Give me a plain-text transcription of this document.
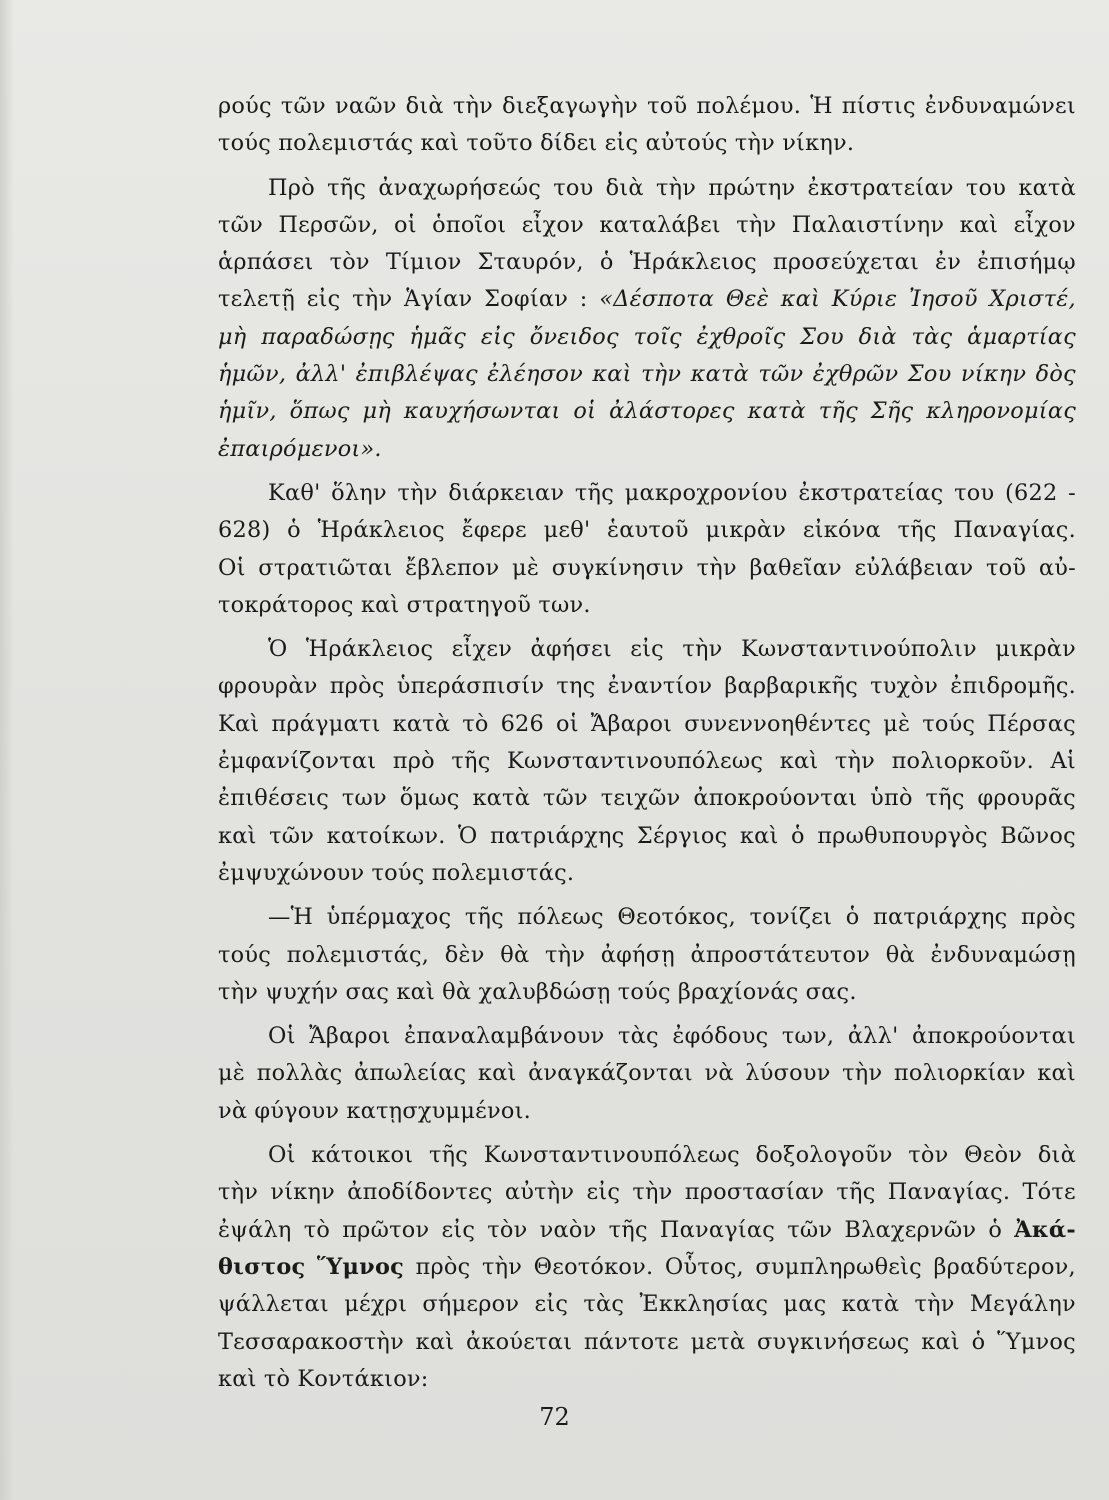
ρούς τῶν ναῶν διὰ τὴν διεξαγωγὴν τοῦ πολέμου. Ἡ πίστις ἐνδυναμώνει
τούς πολεμιστάς καὶ τοῦτο δίδει εἰς αὐτούς τὴν νίκην.
Πρὸ τῆς ἀναχωρήσεώς του διὰ τὴν πρώτην ἐκστρατείαν του κατὰ
τῶν Περσῶν, οἱ ὁποῖοι εἶχον καταλάβει τὴν Παλαιστίνην καὶ εἶχον
ἁρπάσει τὸν Τίμιον Σταυρόν, ὁ Ἡράκλειος προσεύχεται ἐν ἐπισήμῳ
τελετῇ εἰς τὴν Ἁγίαν Σοφίαν : «Δέσποτα Θεὲ καὶ Κύριε Ἰησοῦ Χριστέ,
μὴ παραδώσῃς ἡμᾶς εἰς ὄνειδος τοῖς ἐχθροῖς Σου διὰ τὰς ἁμαρτίας
ἡμῶν, ἀλλ' ἐπιβλέψας ἐλέησον καὶ τὴν κατὰ τῶν ἐχθρῶν Σου νίκην δὸς
ἡμῖν, ὅπως μὴ καυχήσωνται οἱ ἀλάστορες κατὰ τῆς Σῆς κληρονομίας
ἐπαιρόμενοι».
Καθ' ὅλην τὴν διάρκειαν τῆς μακροχρονίου ἐκστρατείας του (622 -
628) ὁ Ἡράκλειος ἔφερε μεθ' ἑαυτοῦ μικρὰν εἰκόνα τῆς Παναγίας.
Οἱ στρατιῶται ἔβλεπον μὲ συγκίνησιν τὴν βαθεῖαν εὐλάβειαν τοῦ αὐ-
τοκράτορος καὶ στρατηγοῦ των.
Ὁ Ἡράκλειος εἶχεν ἀφήσει εἰς τὴν Κωνσταντινούπολιν μικρὰν
φρουρὰν πρὸς ὑπεράσπισίν της ἐναντίον βαρβαρικῆς τυχὸν ἐπιδρομῆς.
Καὶ πράγματι κατὰ τὸ 626 οἱ Ἄβαροι συνεννοηθέντες μὲ τούς Πέρσας
ἐμφανίζονται πρὸ τῆς Κωνσταντινουπόλεως καὶ τὴν πολιορκοῦν. Αἱ
ἐπιθέσεις των ὅμως κατὰ τῶν τειχῶν ἀποκρούονται ὑπὸ τῆς φρουρᾶς
καὶ τῶν κατοίκων. Ὁ πατριάρχης Σέργιος καὶ ὁ πρωθυπουργὸς Βῶνος
ἐμψυχώνουν τούς πολεμιστάς.
—Ἡ ὑπέρμαχος τῆς πόλεως Θεοτόκος, τονίζει ὁ πατριάρχης πρὸς
τούς πολεμιστάς, δὲν θὰ τὴν ἀφήσῃ ἀπροστάτευτον θὰ ἐνδυναμώσῃ
τὴν ψυχήν σας καὶ θὰ χαλυβδώσῃ τούς βραχίονάς σας.
Οἱ Ἄβαροι ἐπαναλαμβάνουν τὰς ἐφόδους των, ἀλλ' ἀποκρούονται
μὲ πολλὰς ἀπωλείας καὶ ἀναγκάζονται νὰ λύσουν τὴν πολιορκίαν καὶ
νὰ φύγουν κατῃσχυμμένοι.
Οἱ κάτοικοι τῆς Κωνσταντινουπόλεως δοξολογοῦν τὸν Θεὸν διὰ
τὴν νίκην ἀποδίδοντες αὐτὴν εἰς τὴν προστασίαν τῆς Παναγίας. Τότε
ἐψάλη τὸ πρῶτον εἰς τὸν ναὸν τῆς Παναγίας τῶν Βλαχερνῶν ὁ Ἀκά-
θιστος Ὕμνος πρὸς τὴν Θεοτόκον. Οὗτος, συμπληρωθεὶς βραδύτερον,
ψάλλεται μέχρι σήμερον εἰς τὰς Ἐκκλησίας μας κατὰ τὴν Μεγάλην
Τεσσαρακοστὴν καὶ ἀκούεται πάντοτε μετὰ συγκινήσεως καὶ ὁ Ὕμνος
καὶ τὸ Κοντάκιον:
72
